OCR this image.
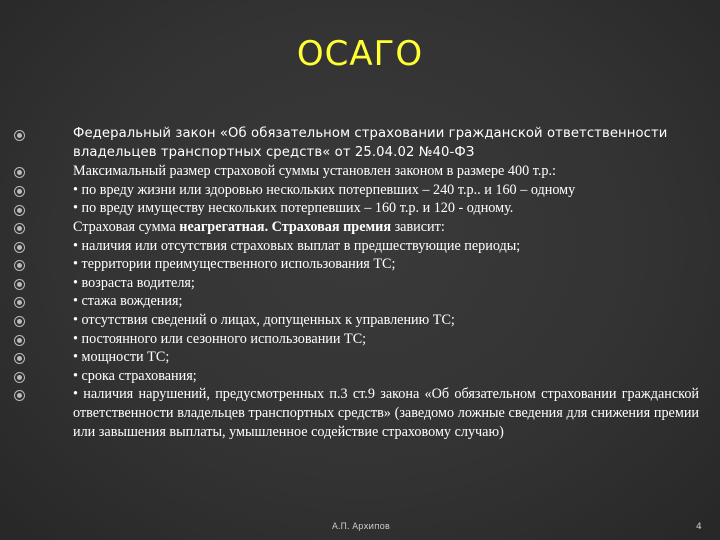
ОСАГО
Федеральный закон «Об обязательном страховании гражданской ответственности
владельцев транспортных средств« от 25.04.02 №40-ФЗ
Максимальный размер страховой суммы установлен законом в размере 400 т.р.:
• по вреду жизни или здоровью нескольких потерпевших – 240 т.р.. и 160 – одному
• по вреду имуществу нескольких потерпевших – 160 т.р. и 120 - одному.
Страховая сумма неагрегатная. Страховая премия зависит:
• наличия или отсутствия страховых выплат в предшествующие периоды;
• территории преимущественного использования ТС;
• возраста водителя;
• стажа вождения;
• отсутствия сведений о лицах, допущенных к управлению ТС;
• постоянного или сезонного использовании ТС;
• мощности ТС;
• срока страхования;
• наличия нарушений, предусмотренных п.3 ст.9 закона «Об обязательном страховании гражданской ответственности владельцев транспортных средств» (заведомо ложные сведения для снижения премии или завышения выплаты, умышленное содействие страховому случаю)
А.П. Архипов	4
